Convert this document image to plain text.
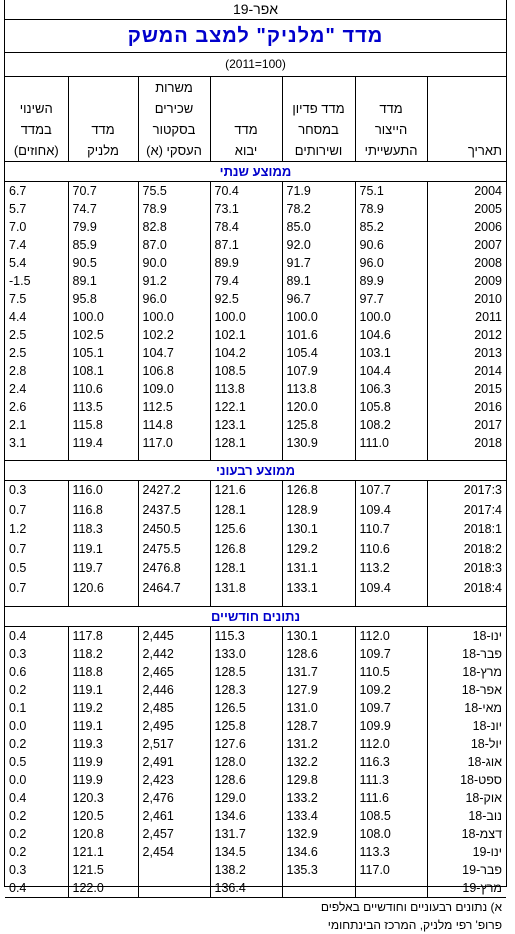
אפר-19						
מדד "מלניק" למצב המשק						
(2011=100)						
				משרות		
	מדד	מדד פדיון		שכירים		השינוי
	הייצור	במסחר	מדד	בסקטור	מדד	במדד
תאריך	התעשייתי	ושירותים	יבוא	העסקי (א)	מלניק	(אחוזים)
ממוצע שנתי						
2004	75.1	71.9	70.4	75.5	70.7	6.7
2005	78.9	78.2	73.1	78.9	74.7	5.7
2006	85.2	85.0	78.4	82.8	79.9	7.0
2007	90.6	92.0	87.1	87.0	85.9	7.4
2008	96.0	91.7	89.9	90.0	90.5	5.4
2009	89.9	89.1	79.4	91.2	89.1	-1.5
2010	97.7	96.7	92.5	96.0	95.8	7.5
2011	100.0	100.0	100.0	100.0	100.0	4.4
2012	104.6	101.6	102.1	102.2	102.5	2.5
2013	103.1	105.4	104.2	104.7	105.1	2.5
2014	104.4	107.9	108.5	106.8	108.1	2.8
2015	106.3	113.8	113.8	109.0	110.6	2.4
2016	105.8	120.0	122.1	112.5	113.5	2.6
2017	108.2	125.8	123.1	114.8	115.8	2.1
2018	111.0	130.9	128.1	117.0	119.4	3.1

ממוצע רבעוני						
2017:3	107.7	126.8	121.6	2427.2	116.0	0.3
2017:4	109.4	128.9	128.1	2437.5	116.8	0.7
2018:1	110.7	130.1	125.6	2450.5	118.3	1.2
2018:2	110.6	129.2	126.8	2475.5	119.1	0.7
2018:3	113.2	131.1	128.1	2476.8	119.7	0.5
2018:4	109.4	133.1	131.8	2464.7	120.6	0.7

נתונים חודשיים						
ינו-18	112.0	130.1	115.3	2,445	117.8	0.4
פבר-18	109.7	128.6	133.0	2,442	118.2	0.3
מרץ-18	110.5	131.7	128.5	2,465	118.8	0.6
אפר-18	109.2	127.9	128.3	2,446	119.1	0.2
מאי-18	109.7	131.0	126.5	2,485	119.2	0.1
יונ-18	109.9	128.7	125.8	2,495	119.1	0.0
יול-18	112.0	131.2	127.6	2,517	119.3	0.2
אוג-18	116.3	132.2	128.0	2,491	119.9	0.5
ספט-18	111.3	129.8	128.6	2,423	119.9	0.0
אוק-18	111.6	133.2	129.0	2,476	120.3	0.4
נוב-18	108.5	133.4	134.6	2,461	120.5	0.2
דצמ-18	108.0	132.9	131.7	2,457	120.8	0.2
ינו-19	113.3	134.6	134.5	2,454	121.1	0.2
פבר-19	117.0	135.3	138.2		121.5	0.3
מרץ-19			136.4		122.0	0.4
א) נתונים רבעוניים וחודשיים באלפים						
פרופ' רפי מלניק, המרכז הבינתחומי						
